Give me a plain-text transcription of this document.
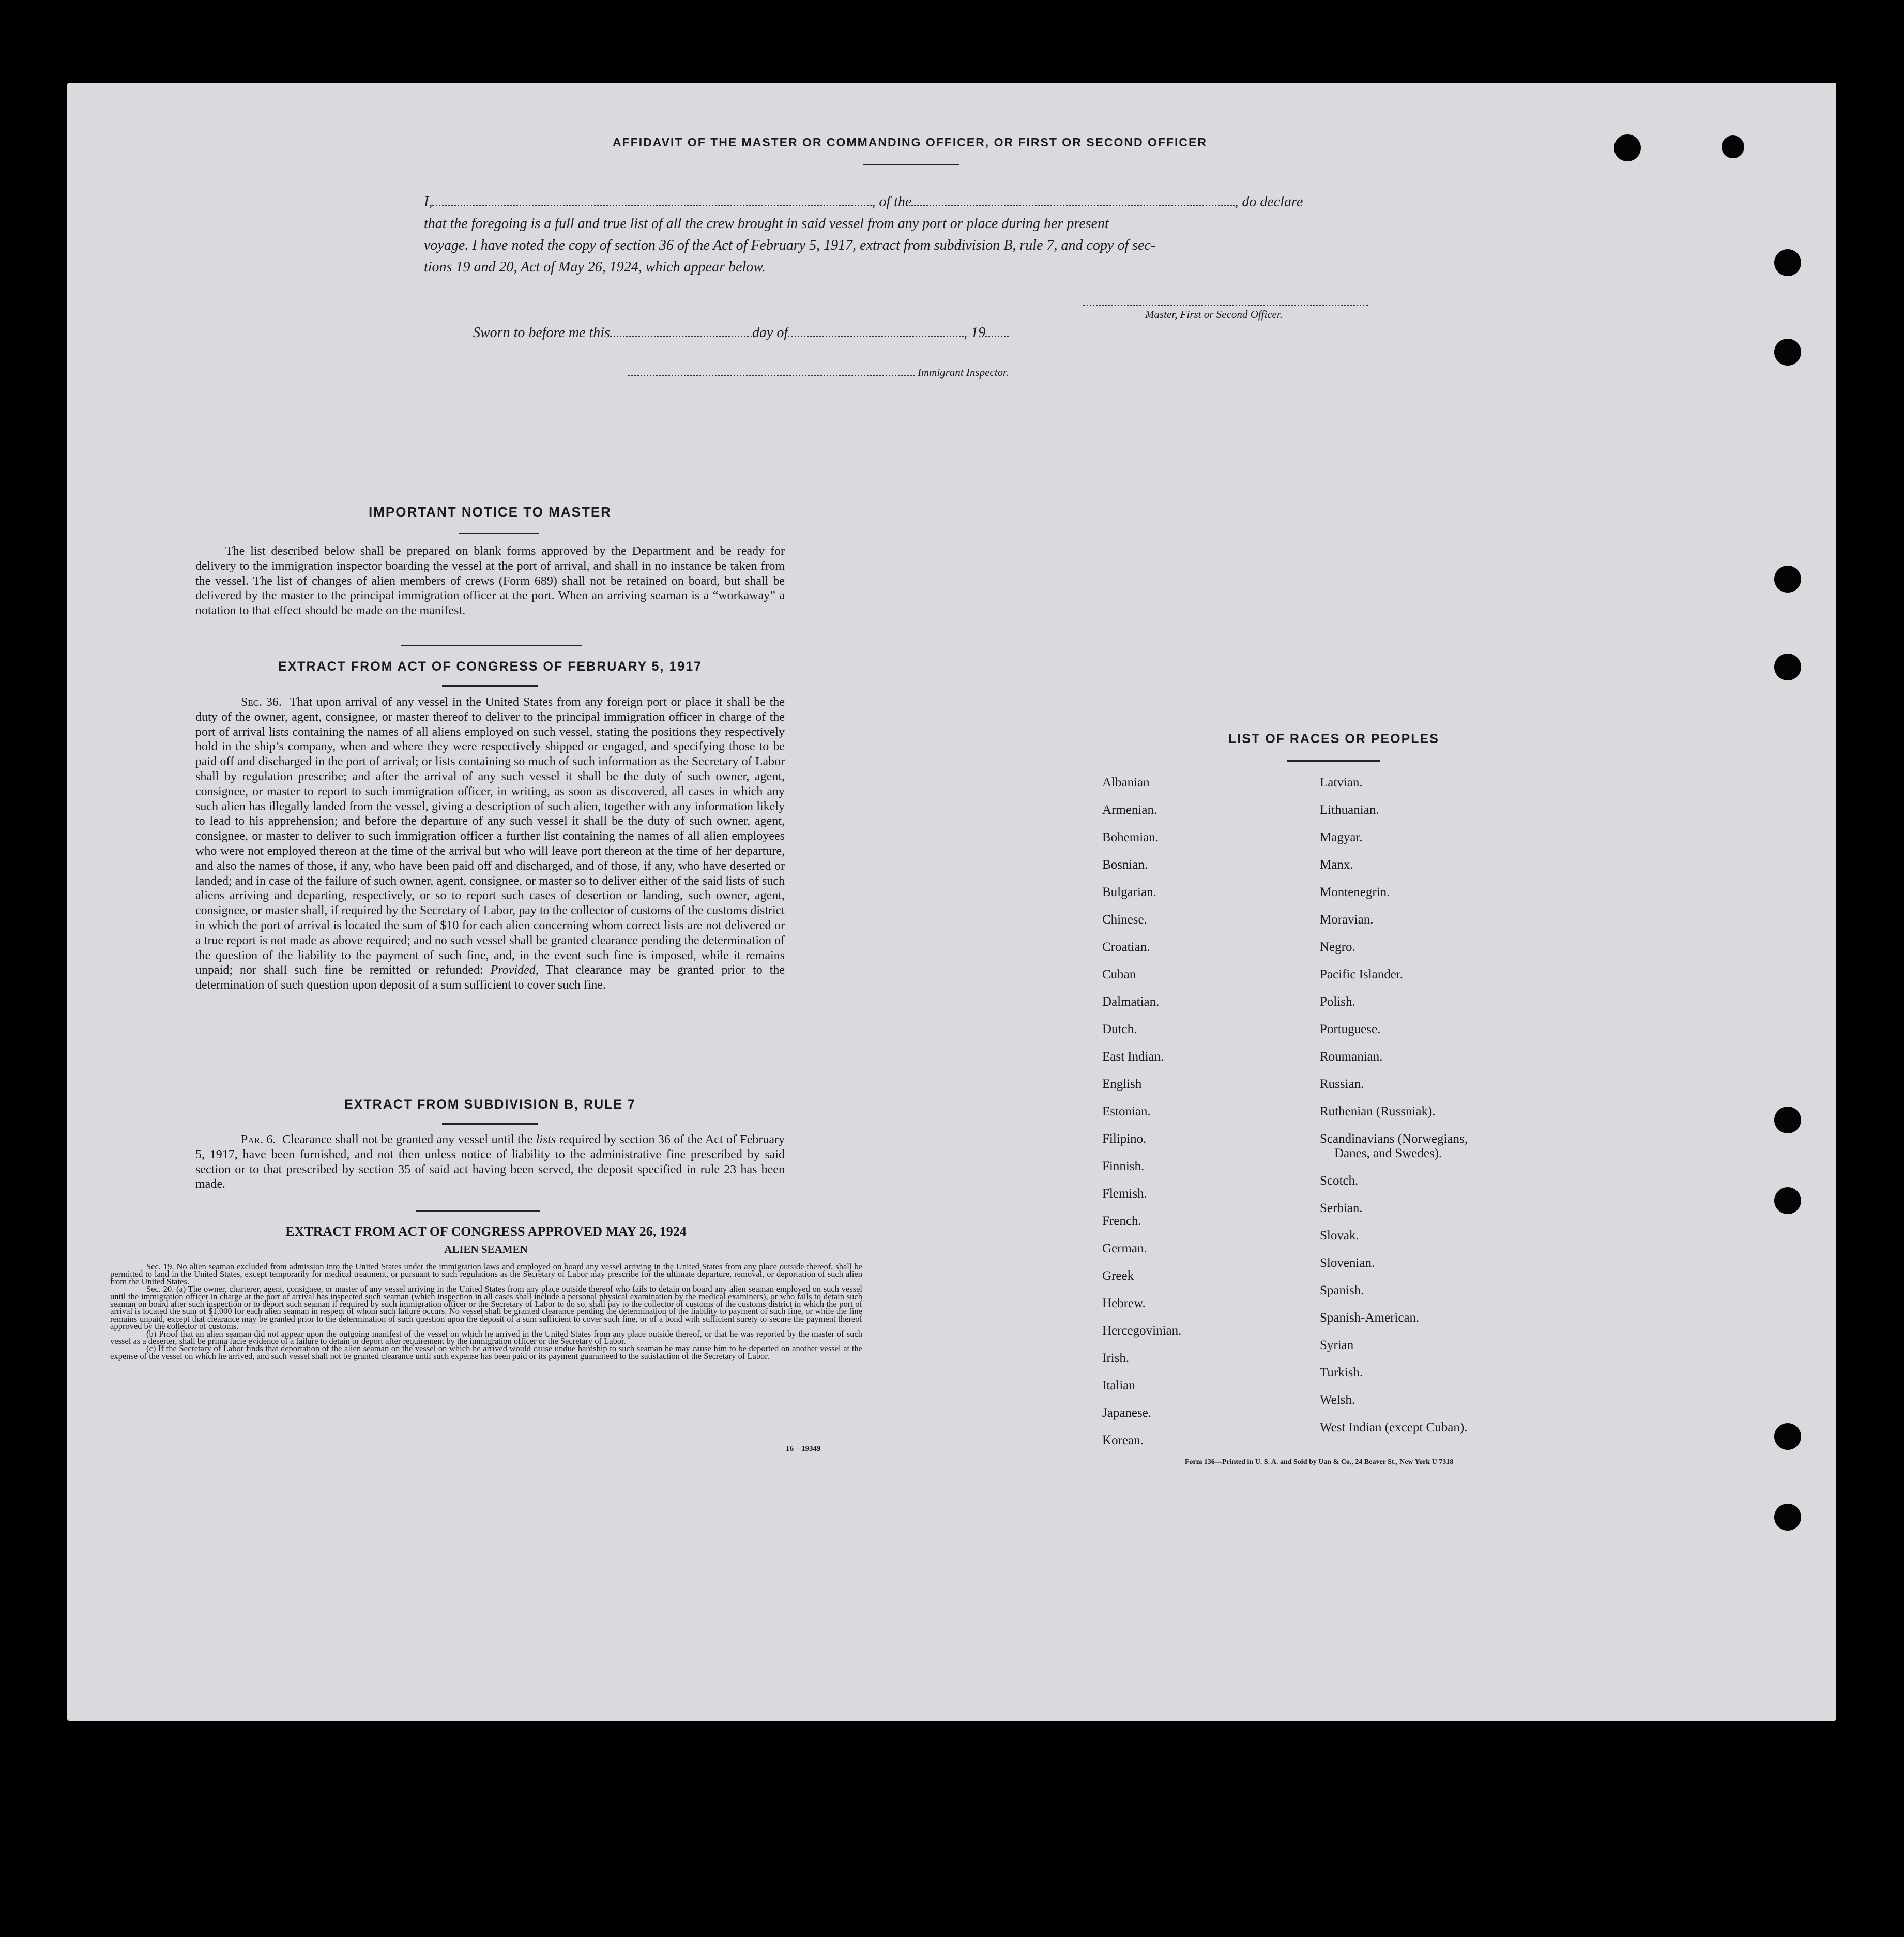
AFFIDAVIT OF THE MASTER OR COMMANDING OFFICER, OR FIRST OR SECOND OFFICER
I,	, of the	, do declare
that the foregoing is a full and true list of all the crew brought in said vessel from any port or place during her present
voyage. I have noted the copy of section 36 of the Act of February 5, 1917, extract from subdivision B, rule 7, and copy of sec-
tions 19 and 20, Act of May 26, 1924, which appear below.
Master, First or Second Officer.
Sworn to before me this	day of	, 19
Immigrant Inspector.
IMPORTANT NOTICE TO MASTER
The list described below shall be prepared on blank forms approved by the Department and be ready for delivery to the immigration inspector boarding the vessel at the port of arrival, and shall in no instance be taken from the vessel. The list of changes of alien members of crews (Form 689) shall not be retained on board, but shall be delivered by the master to the principal immigration officer at the port. When an arriving seaman is a “workaway” a notation to that effect should be made on the manifest.
EXTRACT FROM ACT OF CONGRESS OF FEBRUARY 5, 1917
Sec. 36. That upon arrival of any vessel in the United States from any foreign port or place it shall be the duty of the owner, agent, consignee, or master thereof to deliver to the principal immigration officer in charge of the port of arrival lists containing the names of all aliens employed on such vessel, stating the positions they respectively hold in the ship’s company, when and where they were respectively shipped or engaged, and specifying those to be paid off and discharged in the port of arrival; or lists containing so much of such information as the Secretary of Labor shall by regulation prescribe; and after the arrival of any such vessel it shall be the duty of such owner, agent, consignee, or master to report to such immigration officer, in writing, as soon as discovered, all cases in which any such alien has illegally landed from the vessel, giving a description of such alien, together with any information likely to lead to his apprehension; and before the departure of any such vessel it shall be the duty of such owner, agent, consignee, or master to deliver to such immigration officer a further list containing the names of all alien employees who were not employed thereon at the time of the arrival but who will leave port thereon at the time of her departure, and also the names of those, if any, who have been paid off and discharged, and of those, if any, who have deserted or landed; and in case of the failure of such owner, agent, consignee, or master so to deliver either of the said lists of such aliens arriving and departing, respectively, or so to report such cases of desertion or landing, such owner, agent, consignee, or master shall, if required by the Secretary of Labor, pay to the collector of customs of the customs district in which the port of arrival is located the sum of $10 for each alien concerning whom correct lists are not delivered or a true report is not made as above required; and no such vessel shall be granted clearance pending the determination of the question of the liability to the payment of such fine, and, in the event such fine is imposed, while it remains unpaid; nor shall such fine be remitted or refunded: Provided, That clearance may be granted prior to the determination of such question upon deposit of a sum sufficient to cover such fine.
EXTRACT FROM SUBDIVISION B, RULE 7
Par. 6. Clearance shall not be granted any vessel until the lists required by section 36 of the Act of February 5, 1917, have been furnished, and not then unless notice of liability to the administrative fine prescribed by said section or to that prescribed by section 35 of said act having been served, the deposit specified in rule 23 has been made.
EXTRACT FROM ACT OF CONGRESS APPROVED MAY 26, 1924
ALIEN SEAMEN
Sec. 19. No alien seaman excluded from admission into the United States under the immigration laws and employed on board any vessel arriving in the United States from any place outside thereof, shall be permitted to land in the United States, except temporarily for medical treatment, or pursuant to such regulations as the Secretary of Labor may prescribe for the ultimate departure, removal, or deportation of such alien from the United States.
Sec. 20. (a) The owner, charterer, agent, consignee, or master of any vessel arriving in the United States from any place outside thereof who fails to detain on board any alien seaman employed on such vessel until the immigration officer in charge at the port of arrival has inspected such seaman (which inspection in all cases shall include a personal physical examination by the medical examiners), or who fails to detain such seaman on board after such inspection or to deport such seaman if required by such immigration officer or the Secretary of Labor to do so, shall pay to the collector of customs of the customs district in which the port of arrival is located the sum of $1,000 for each alien seaman in respect of whom such failure occurs. No vessel shall be granted clearance pending the determination of the liability to payment of such fine, or while the fine remains unpaid, except that clearance may be granted prior to the determination of such question upon the deposit of a sum sufficient to cover such fine, or of a bond with sufficient surety to secure the payment thereof approved by the collector of customs.
(b) Proof that an alien seaman did not appear upon the outgoing manifest of the vessel on which he arrived in the United States from any place outside thereof, or that he was reported by the master of such vessel as a deserter, shall be prima facie evidence of a failure to detain or deport after requirement by the immigration officer or the Secretary of Labor.
(c) If the Secretary of Labor finds that deportation of the alien seaman on the vessel on which he arrived would cause undue hardship to such seaman he may cause him to be deported on another vessel at the expense of the vessel on which he arrived, and such vessel shall not be granted clearance until such expense has been paid or its payment guaranteed to the satisfaction of the Secretary of Labor.
16—19349
LIST OF RACES OR PEOPLES
Albanian
Armenian.
Bohemian.
Bosnian.
Bulgarian.
Chinese.
Croatian.
Cuban
Dalmatian.
Dutch.
East Indian.
English
Estonian.
Filipino.
Finnish.
Flemish.
French.
German.
Greek
Hebrew.
Hercegovinian.
Irish.
Italian
Japanese.
Korean.
Latvian.
Lithuanian.
Magyar.
Manx.
Montenegrin.
Moravian.
Negro.
Pacific Islander.
Polish.
Portuguese.
Roumanian.
Russian.
Ruthenian (Russniak).
Scandinavians (Norwegians,
Danes, and Swedes).
Scotch.
Serbian.
Slovak.
Slovenian.
Spanish.
Spanish-American.
Syrian
Turkish.
Welsh.
West Indian (except Cuban).
Form 136—Printed in U. S. A. and Sold by Uan & Co., 24 Beaver St., New York U 7318
